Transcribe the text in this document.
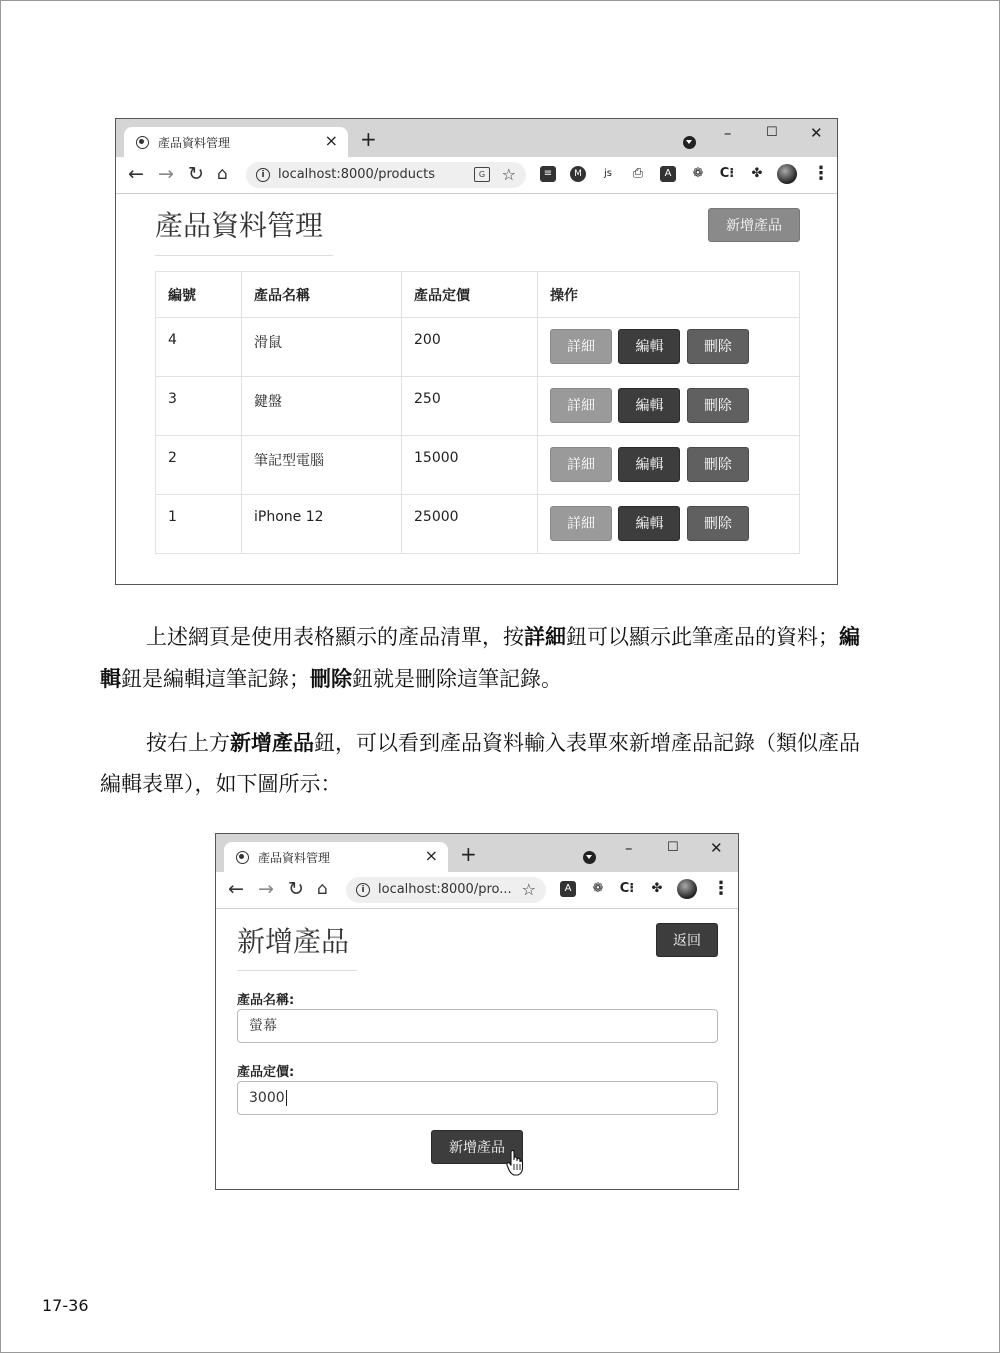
產品資料管理	× +	–	☐ ✕
← → ↻ ⌂	i	localhost:8000/products	G	☆	≡	M	js	⎙	A	❁ C⁝ ✤	⋮
產品資料管理	新增產品
編號	產品名稱	產品定價	操作
4	滑鼠	200	詳細 編輯 刪除
3	鍵盤	250	詳細 編輯 刪除
2	筆記型電腦	15000	詳細 編輯 刪除
1	iPhone 12	25000	詳細 編輯 刪除

上述網頁是使用表格顯示的產品清單，按詳細鈕可以顯示此筆產品的資料；編輯鈕是編輯這筆記錄；刪除鈕就是刪除這筆記錄。

按右上方新增產品鈕，可以看到產品資料輸入表單來新增產品記錄（類似產品編輯表單），如下圖所示：

產品資料管理	× +	–	☐ ✕
← → ↻ ⌂	i	localhost:8000/pro... ☆	A	❁ C⁝ ✤	⋮
新增產品	返回
產品名稱:
螢幕
產品定價:
3000
新增產品
17-36
